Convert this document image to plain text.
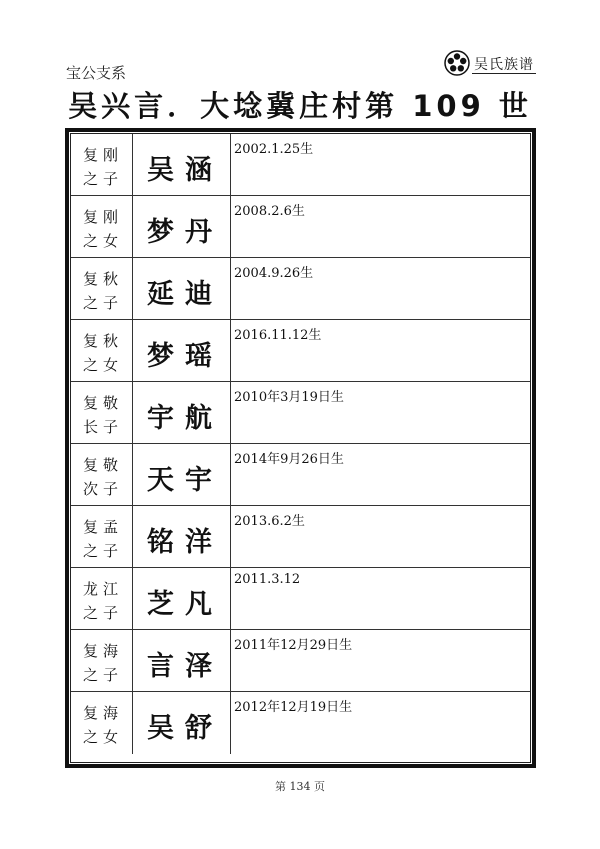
宝公支系	吴氏族谱
吴兴言．大埝冀庄村第 109 世
复 刚
之 子 吴 涵
2002.1.25生
复 刚
之 女 梦 丹
2008.2.6生
复 秋
之 子 延 迪
2004.9.26生
复 秋
之 女 梦 瑶
2016.11.12生
复 敬
长 子 宇 航
2010年3月19日生
复 敬
次 子 天 宇
2014年9月26日生
复 孟
之 子 铭 洋
2013.6.2生
龙 江
之 子 芝 凡
2011.3.12
复 海
之 子 言 泽
2011年12月29日生
复 海
之 女 吴 舒
2012年12月19日生
第 134 页
